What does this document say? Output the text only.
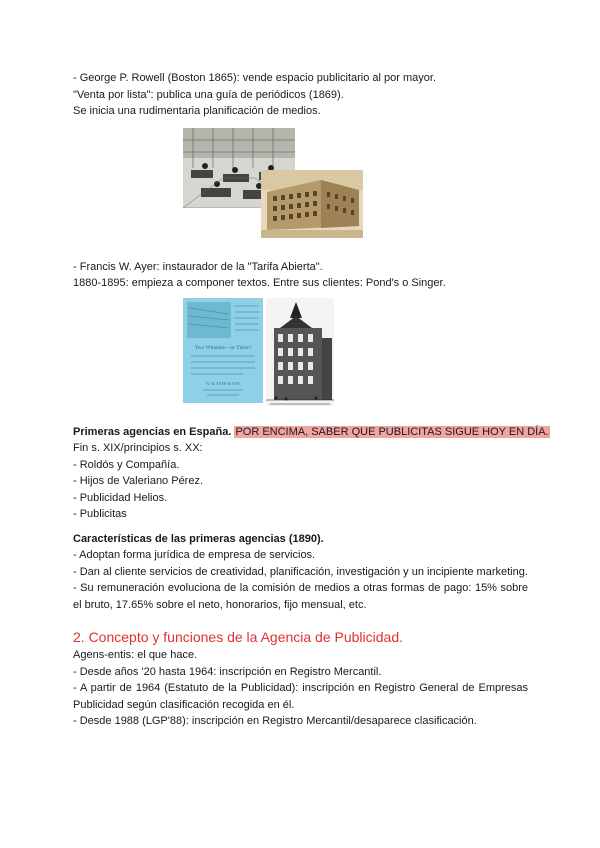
- George P. Rowell (Boston 1865): vende espacio publicitario al por mayor.
"Venta por lista": publica una guía de periódicos (1869).
Se inicia una rudimentaria planificación de medios.
- Francis W. Ayer: instaurador de la "Tarifa Abierta".
1880-1895: empieza a componer textos. Entre sus clientes: Pond's o Singer.
Two Whistles—or Three?
N. W. AYER & SON
Primeras agencias en España. POR ENCIMA, SABER QUE PUBLICITAS SIGUE HOY EN DÍA.
Fin s. XIX/principios s. XX:
- Roldós y Compañía.
- Hijos de Valeriano Pérez.
- Publicidad Helios.
- Publicitas
Características de las primeras agencias (1890).
- Adoptan forma jurídica de empresa de servicios.
- Dan al cliente servicios de creatividad, planificación, investigación y un incipiente marketing.
- Su remuneración evoluciona de la comisión de medios a otras formas de pago: 15% sobre el bruto, 17.65% sobre el neto, honorarios, fijo mensual, etc.
2. Concepto y funciones de la Agencia de Publicidad.
Agens-entis: el que hace.
- Desde años '20 hasta 1964: inscripción en Registro Mercantil.
- A partir de 1964 (Estatuto de la Publicidad): inscripción en Registro General de Empresas Publicidad según clasificación recogida en él.
- Desde 1988 (LGP'88): inscripción en Registro Mercantil/desaparece clasificación.
